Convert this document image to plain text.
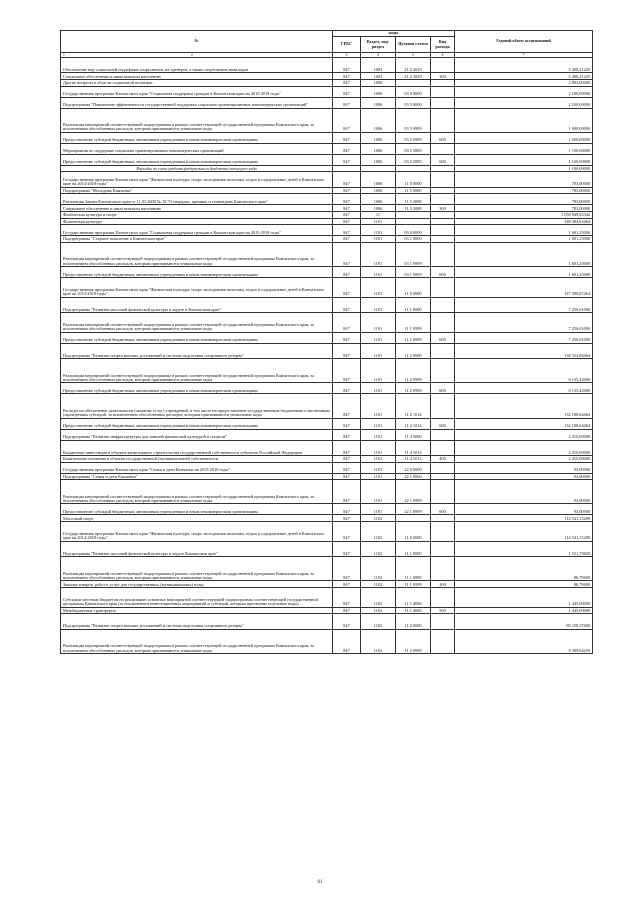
№	коды				Годовой объем ассигнований
	ГРБС	Раздел, под-раздел	Целевая статья	Вид расхода	
1 2	3	4	5	6	7
Обеспечение мер социальной поддержки спортсменов, их тренеров, а также спортсменов-инвалидов	847	1003	21 2 2029		5 408,21225
Социальное обеспечение и иные выплаты населению	847	1003	21 2 2029	300	5 408,21225
Другие вопросы в области социальной политики	847	1006			2 883,00000
Государственная программа Камчатского края "Социальная поддержка граждан в Камчатском крае на 2015-2018 годы"	847	1006	03 0 0000		2 100,00000
Подпрограмма "Повышение эффективности государственной поддержки социально ориентированных некоммерческих организаций"	847	1006	03 5 0000		2 100,00000
Реализация мероприятий соответствующей подпрограммы в рамках соответствующей государственной программы Камчатского края, за исключением обособленных расходов, которым присваиваются уникальные коды	847	1006	03 5 0999		1 000,00000
Предоставление субсидий бюджетным, автономным учреждениям и иным некоммерческим организациям	847	1006	03 5 0999	600	1 000,00000
Мероприятия по поддержке социально ориентированных некоммерческих организаций	847	1006	03 5 5085		1 100,00000
Предоставление субсидий бюджетным, автономным учреждениям и иным некоммерческим организациям	847	1006	03 5 5085	600	1 100,00000
Расходы за счет средств федерального бюджета текущего года					1 100,00000
Государственная программа Камчатского края "Физическая культура, спорт, молодежная политика, отдых и оздоровление детей в Камчатском крае на 2014-2018 годы"	847	1006	11 0 0000		783,00000
Подпрограмма "Молодежь Камчатки"	847	1006	11 5 0000		783,00000
Реализация Закона Камчатского края от 11.03.2008 № 18 "О наградах, премиях и стипендиях Камчатского края"	847	1006	11 5 2008		783,00000
Социальное обеспечение и иные выплаты населению	847	1006	11 5 2008	300	783,00000
Физическая культура и спорт	847	11			1 058 849,63342
Физическая культура	847	1101			148 384,92464
Государственная программа Камчатского края "Социальная поддержка граждан в Камчатском крае на 2015-2018 годы"	847	1101	03 0 0000		1 601,25000
Подпрограмма "Старшее поколение в Камчатском крае"	847	1101	03 1 0000		1 601,25000
Реализация мероприятий соответствующей подпрограммы в рамках соответствующей государственной программы Камчатского края, за исключением обособленных расходов, которым присваиваются уникальные коды	847	1101	03 1 0999		1 601,25000
Предоставление субсидий бюджетным, автономным учреждениям и иным некоммерческим организациям	847	1101	03 1 0999	600	1 601,25000
Государственная программа Камчатского края "Физическая культура, спорт, молодежная политика, отдых и оздоровление детей в Камчатском крае на 2014-2018 годы"	847	1101	11 0 0000		147 390,67464
Подпрограмма "Развитие массовой физической культуры в округе в Камчатском крае"	847	1101	11 1 0000		7 256,01000
Реализация мероприятий соответствующей подпрограммы в рамках соответствующей государственной программы Камчатского края, за исключением обособленных расходов, которым присваиваются уникальные коды	847	1101	11 1 0999		7 256,01000
Предоставление субсидий бюджетным, автономным учреждениям и иным некоммерческим организациям	847	1101	11 1 0999	600	7 256,01000
Подпрограмма "Развитие спорта высших достижений и системы подготовки спортивного резерва"	847	1101	11 2 0000		138 324,06464
Реализация мероприятий соответствующей подпрограммы в рамках соответствующей государственной программы Камчатского края, за исключением обособленных расходов, которым присваиваются уникальные коды	847	1101	11 2 0999		6 135,42000
Предоставление субсидий бюджетным, автономным учреждениям и иным некоммерческим организациям	847	1101	11 2 0999	600	6 135,42000
Расходы на обеспечение деятельности (оказание услуг) учреждений, в том числе на предоставление государственным бюджетным и автономным учреждениям субсидий, за исключением обособленных расходов, которым присваиваются уникальные коды	847	1101	11 2 1014		132 188,64464
Предоставление субсидий бюджетным, автономным учреждениям и иным некоммерческим организациям	847	1101	11 2 1014	600	132 188,64464
Подпрограмма "Развитие инфраструктуры для занятий физической культурой и спортом"	847	1101	11 4 0000		2 410,00000
Бюджетные инвестиции в объекты капитального строительства государственной собственности субъектов Российской Федерации	847	1101	11 4 1013		2 410,00000
Капитальные вложения в объекты государственной (муниципальной) собственности	847	1101	11 4 1013	400	2 410,00000
Государственная программа Камчатского края "Семья и дети Камчатки на 2015-2018 годы"	847	1101	22 0 0000		93,00000
Подпрограмма "Семья и дети Камчатки"	847	1101	22 1 0000		93,00000
Реализация мероприятий соответствующей подпрограммы в рамках соответствующей государственной программы Камчатского края, за исключением обособленных расходов, которым присваиваются уникальные коды	847	1101	22 1 0999		93,00000
Предоставление субсидий бюджетным, автономным учреждениям и иным некоммерческим организациям	847	1101	22 1 0999	600	93,00000
Массовый спорт	847	1102			114 541,13290
Государственная программа Камчатского края "Физическая культура, спорт, молодежная политика, отдых и оздоровление детей в Камчатском крае на 2014-2018 годы"	847	1102	11 0 0000		114 541,13290
Подпрограмма "Развитие массовой физической культуры в округе Камчатском крае"	847	1102	11 1 0000		1 531,79600
Реализация мероприятий соответствующей подпрограммы в рамках соответствующей государственной программы Камчатского края, за исключением обособленных расходов, которым присваиваются уникальные коды	847	1102	11 1 0999		86,79600
Закупка товаров, работ и услуг для государственных (муниципальных) нужд	847	1102	11 1 0999	200	86,79600
Субсидии местным бюджетам на реализацию основных мероприятий соответствующей подпрограммы соответствующей государственной программы Камчатского края (за исключением инвестиционных мероприятий и субсидий, которым присвоены отдельные коды)	847	1102	11 1 4006		1 445,00000
Межбюджетные трансферты	847	1102	11 1 4006	500	1 445,00000
Подпрограмма "Развитие спорта высших достижений и системы подготовки спортивного резерва"	847	1102	11 2 0000		89 258,37690
Реализация мероприятий соответствующей подпрограммы в рамках соответствующей государственной программы Камчатского края, за исключением обособленных расходов, которым присваиваются уникальные коды	847	1102	11 2 0999		8 389,64259
61
